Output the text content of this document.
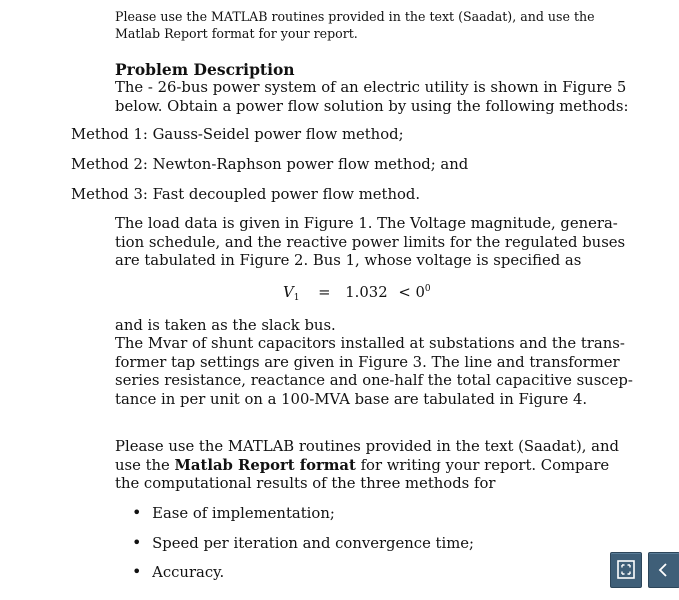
Please use the MATLAB routines provided in the text (Saadat), and use the
Matlab Report format for your report.
Problem Description
The - 26-bus power system of an electric utility is shown in Figure 5
below. Obtain a power flow solution by using the following methods:
Method 1: Gauss-Seidel power flow method;
Method 2: Newton-Raphson power flow method; and
Method 3: Fast decoupled power flow method.
The load data is given in Figure 1. The Voltage magnitude, genera-
tion schedule, and the reactive power limits for the regulated buses
are tabulated in Figure 2. Bus 1, whose voltage is specified as
$V_1 = 1.032 < 0^0$
and is taken as the slack bus.
The Mvar of shunt capacitors installed at substations and the trans-
former tap settings are given in Figure 3. The line and transformer
series resistance, reactance and one-half the total capacitive suscep-
tance in per unit on a 100-MVA base are tabulated in Figure 4.
Please use the MATLAB routines provided in the text (Saadat), and
use the Matlab Report format for writing your report. Compare
the computational results of the three methods for
• Ease of implementation;
• Speed per iteration and convergence time;
• Accuracy.
